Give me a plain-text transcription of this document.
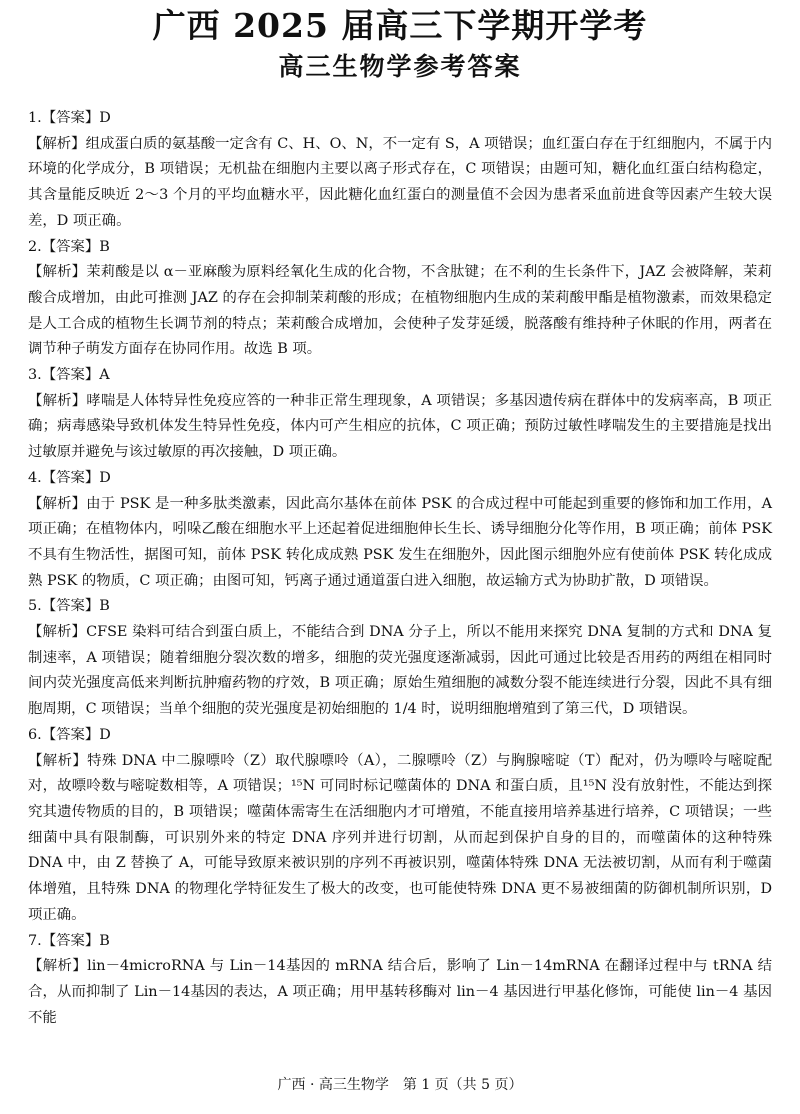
广西 2025 届高三下学期开学考
高三生物学参考答案

1.【答案】D

【解析】组成蛋白质的氨基酸一定含有 C、H、O、N，不一定有 S，A 项错误；血红蛋白存在于红细胞内，不属于内环境的化学成分，B 项错误；无机盐在细胞内主要以离子形式存在，C 项错误；由题可知，糖化血红蛋白结构稳定，其含量能反映近 2～3 个月的平均血糖水平，因此糖化血红蛋白的测量值不会因为患者采血前进食等因素产生较大误差，D 项正确。

2.【答案】B

【解析】茉莉酸是以 α－亚麻酸为原料经氧化生成的化合物，不含肽键；在不利的生长条件下，JAZ 会被降解，茉莉酸合成增加，由此可推测 JAZ 的存在会抑制茉莉酸的形成；在植物细胞内生成的茉莉酸甲酯是植物激素，而效果稳定是人工合成的植物生长调节剂的特点；茉莉酸合成增加，会使种子发芽延缓，脱落酸有维持种子休眠的作用，两者在调节种子萌发方面存在协同作用。故选 B 项。

3.【答案】A

【解析】哮喘是人体特异性免疫应答的一种非正常生理现象，A 项错误；多基因遗传病在群体中的发病率高，B 项正确；病毒感染导致机体发生特异性免疫，体内可产生相应的抗体，C 项正确；预防过敏性哮喘发生的主要措施是找出过敏原并避免与该过敏原的再次接触，D 项正确。

4.【答案】D

【解析】由于 PSK 是一种多肽类激素，因此高尔基体在前体 PSK 的合成过程中可能起到重要的修饰和加工作用，A 项正确；在植物体内，吲哚乙酸在细胞水平上还起着促进细胞伸长生长、诱导细胞分化等作用，B 项正确；前体 PSK 不具有生物活性，据图可知，前体 PSK 转化成成熟 PSK 发生在细胞外，因此图示细胞外应有使前体 PSK 转化成成熟 PSK 的物质，C 项正确；由图可知，钙离子通过通道蛋白进入细胞，故运输方式为协助扩散，D 项错误。

5.【答案】B

【解析】CFSE 染料可结合到蛋白质上，不能结合到 DNA 分子上，所以不能用来探究 DNA 复制的方式和 DNA 复制速率，A 项错误；随着细胞分裂次数的增多，细胞的荧光强度逐渐减弱，因此可通过比较是否用药的两组在相同时间内荧光强度高低来判断抗肿瘤药物的疗效，B 项正确；原始生殖细胞的减数分裂不能连续进行分裂，因此不具有细胞周期，C 项错误；当单个细胞的荧光强度是初始细胞的 1/4 时，说明细胞增殖到了第三代，D 项错误。

6.【答案】D

【解析】特殊 DNA 中二腺嘌呤（Z）取代腺嘌呤（A），二腺嘌呤（Z）与胸腺嘧啶（T）配对，仍为嘌呤与嘧啶配对，故嘌呤数与嘧啶数相等，A 项错误；¹⁵N 可同时标记噬菌体的 DNA 和蛋白质，且¹⁵N 没有放射性，不能达到探究其遗传物质的目的，B 项错误；噬菌体需寄生在活细胞内才可增殖，不能直接用培养基进行培养，C 项错误；一些细菌中具有限制酶，可识别外来的特定 DNA 序列并进行切割，从而起到保护自身的目的，而噬菌体的这种特殊 DNA 中，由 Z 替换了 A，可能导致原来被识别的序列不再被识别，噬菌体特殊 DNA 无法被切割，从而有利于噬菌体增殖，且特殊 DNA 的物理化学特征发生了极大的改变，也可能使特殊 DNA 更不易被细菌的防御机制所识别，D 项正确。

7.【答案】B

【解析】lin－4microRNA 与 Lin－14基因的 mRNA 结合后，影响了 Lin－14mRNA 在翻译过程中与 tRNA 结合，从而抑制了 Lin－14基因的表达，A 项正确；用甲基转移酶对 lin－4 基因进行甲基化修饰，可能使 lin－4 基因不能

广西 · 高三生物学　第 1 页（共 5 页）
